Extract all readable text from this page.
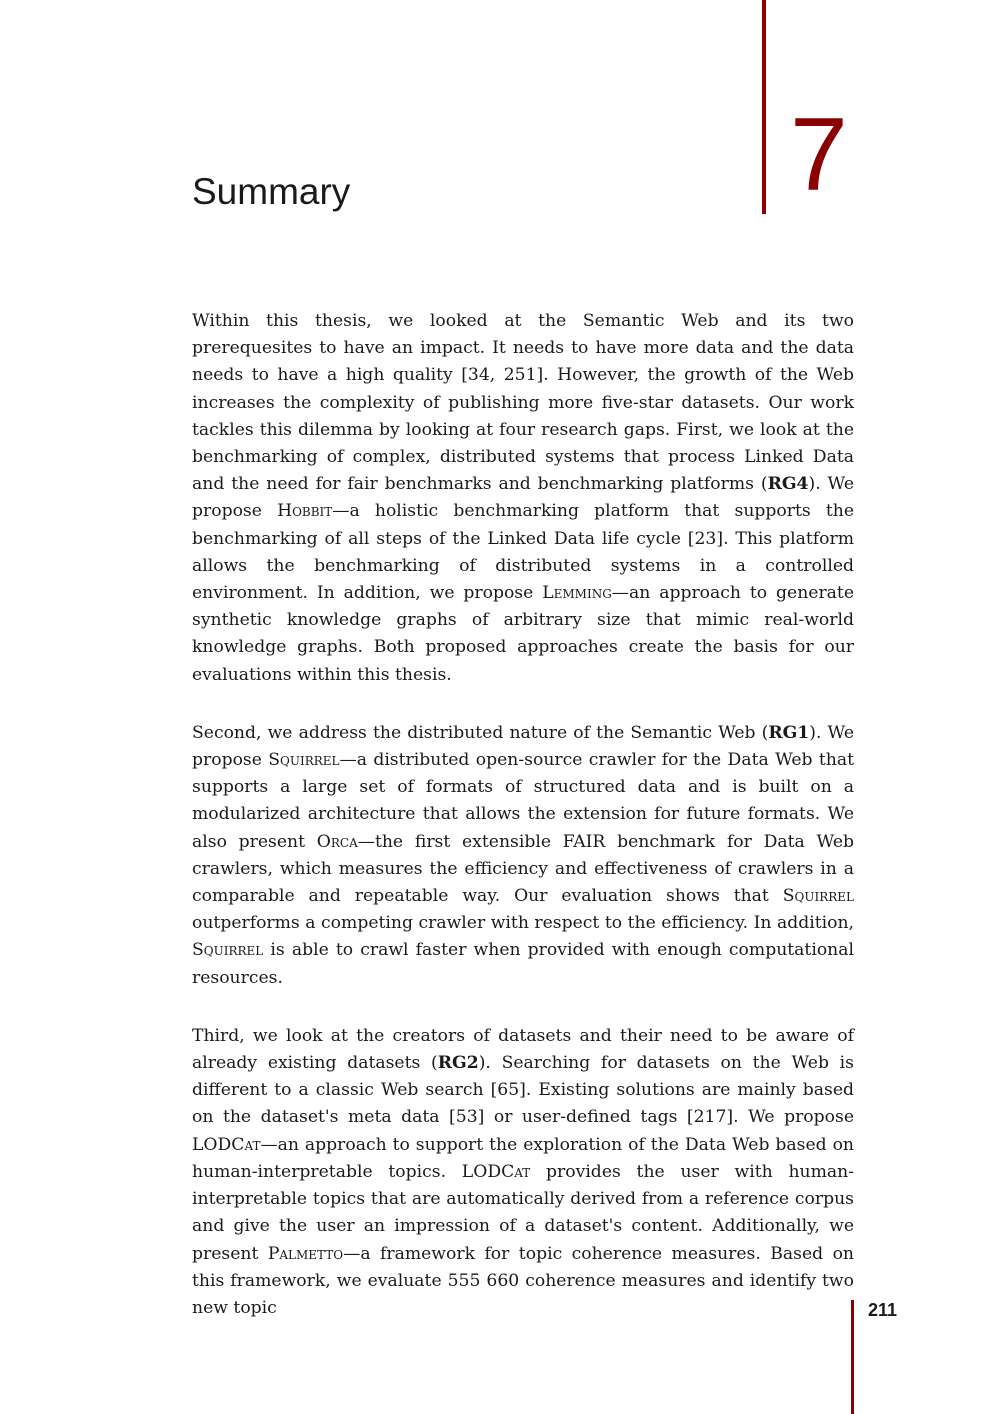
7
Summary

Within this thesis, we looked at the Semantic Web and its two prerequesites to have an impact. It needs to have more data and the data needs to have a high quality [34, 251]. However, the growth of the Web increases the complexity of publishing more five-star datasets. Our work tackles this dilemma by looking at four research gaps. First, we look at the benchmarking of complex, distributed systems that process Linked Data and the need for fair benchmarks and benchmarking platforms (RG4). We propose Hobbit—a holistic benchmarking platform that supports the benchmarking of all steps of the Linked Data life cycle [23]. This platform allows the benchmarking of distributed systems in a controlled environment. In addition, we propose Lemming—an approach to generate synthetic knowledge graphs of arbitrary size that mimic real-world knowledge graphs. Both proposed approaches create the basis for our evaluations within this thesis.

Second, we address the distributed nature of the Semantic Web (RG1). We propose Squirrel—a distributed open-source crawler for the Data Web that supports a large set of formats of structured data and is built on a modularized architecture that allows the extension for future formats. We also present Orca—the first extensible FAIR benchmark for Data Web crawlers, which measures the efficiency and effectiveness of crawlers in a comparable and repeatable way. Our evaluation shows that Squirrel outperforms a competing crawler with respect to the efficiency. In addition, Squirrel is able to crawl faster when provided with enough computational resources.

Third, we look at the creators of datasets and their need to be aware of already existing datasets (RG2). Searching for datasets on the Web is different to a classic Web search [65]. Existing solutions are mainly based on the dataset's meta data [53] or user-defined tags [217]. We propose LODCat—an approach to support the exploration of the Data Web based on human-interpretable topics. LODCat provides the user with human-interpretable topics that are automatically derived from a reference corpus and give the user an impression of a dataset's content. Additionally, we present Palmetto—a framework for topic coherence measures. Based on this framework, we evaluate 555 660 coherence measures and identify two new topic	211
